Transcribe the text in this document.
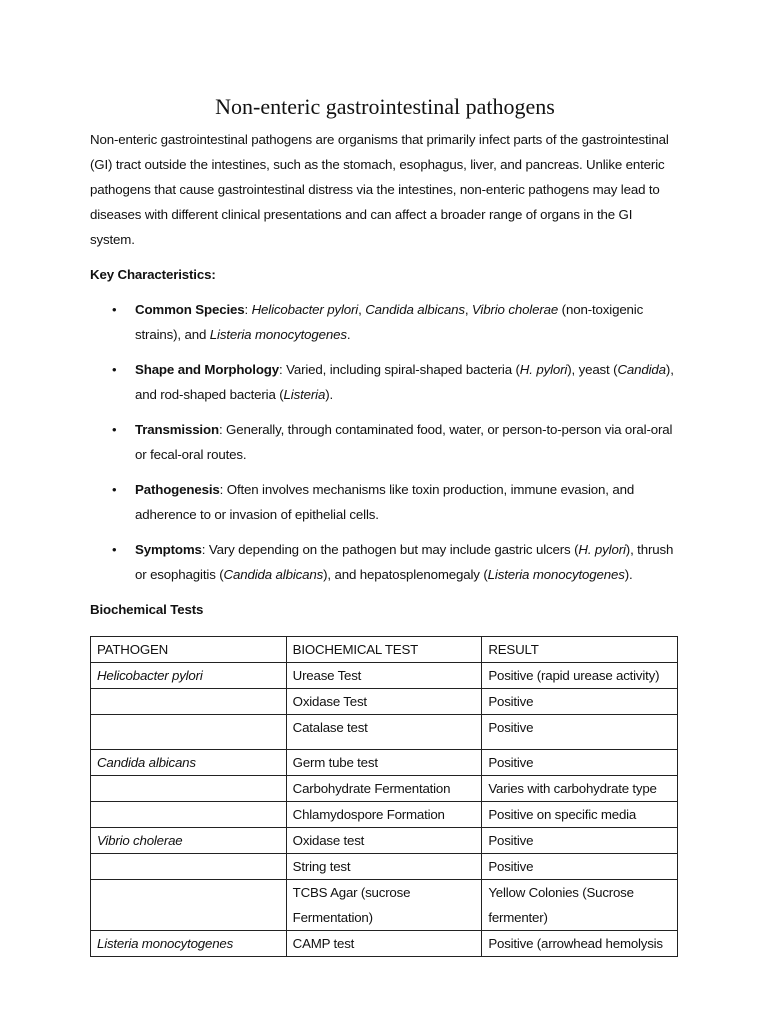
Non-enteric gastrointestinal pathogens

Non-enteric gastrointestinal pathogens are organisms that primarily infect parts of the gastrointestinal (GI) tract outside the intestines, such as the stomach, esophagus, liver, and pancreas. Unlike enteric pathogens that cause gastrointestinal distress via the intestines, non-enteric pathogens may lead to diseases with different clinical presentations and can affect a broader range of organs in the GI system.

Key Characteristics:

• Common Species: Helicobacter pylori, Candida albicans, Vibrio cholerae (non-toxigenic strains), and Listeria monocytogenes.
• Shape and Morphology: Varied, including spiral-shaped bacteria (H. pylori), yeast (Candida), and rod-shaped bacteria (Listeria).
• Transmission: Generally, through contaminated food, water, or person-to-person via oral-oral or fecal-oral routes.
• Pathogenesis: Often involves mechanisms like toxin production, immune evasion, and adherence to or invasion of epithelial cells.
• Symptoms: Vary depending on the pathogen but may include gastric ulcers (H. pylori), thrush or esophagitis (Candida albicans), and hepatosplenomegaly (Listeria monocytogenes).

Biochemical Tests

PATHOGEN	BIOCHEMICAL TEST	RESULT
Helicobacter pylori	Urease Test	Positive (rapid urease activity)
	Oxidase Test	Positive
	Catalase test	Positive
Candida albicans	Germ tube test	Positive
	Carbohydrate Fermentation	Varies with carbohydrate type
	Chlamydospore Formation	Positive on specific media
Vibrio cholerae	Oxidase test	Positive
	String test	Positive
	TCBS Agar (sucrose Fermentation)	Yellow Colonies (Sucrose fermenter)
Listeria monocytogenes	CAMP test	Positive (arrowhead hemolysis
